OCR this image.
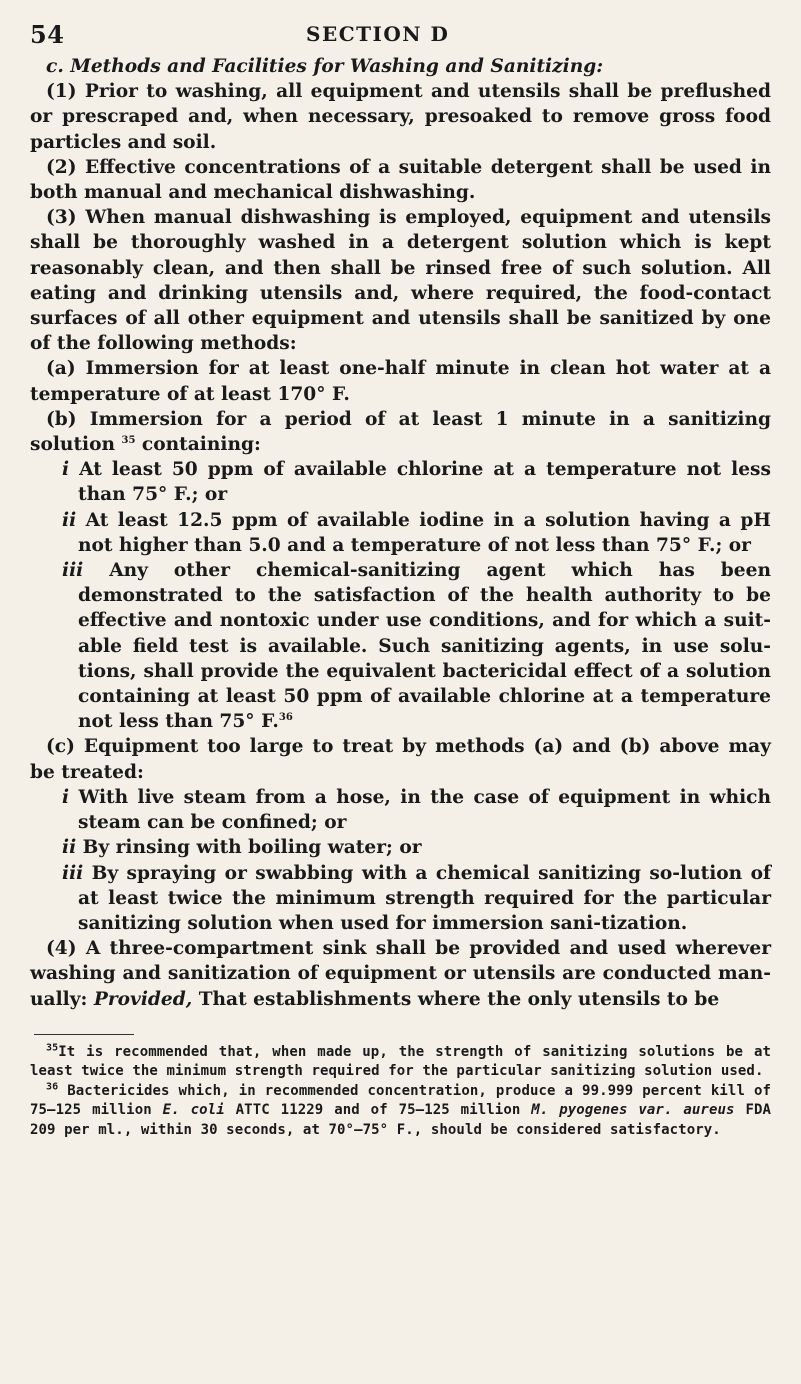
54	SECTION D

c. Methods and Facilities for Washing and Sanitizing:

(1) Prior to washing, all equipment and utensils shall be preflushed or prescraped and, when necessary, presoaked to remove gross food particles and soil.

(2) Effective concentrations of a suitable detergent shall be used in both manual and mechanical dishwashing.

(3) When manual dishwashing is employed, equipment and utensils shall be thoroughly washed in a detergent solution which is kept reasonably clean, and then shall be rinsed free of such solution. All eating and drinking utensils and, where required, the food-contact surfaces of all other equipment and utensils shall be sanitized by one of the following methods:

(a) Immersion for at least one-half minute in clean hot water at a temperature of at least 170° F.

(b) Immersion for a period of at least 1 minute in a sanitizing solution $^{35}$ containing:

i At least 50 ppm of available chlorine at a temperature not less than 75° F.; or

ii At least 12.5 ppm of available iodine in a solution having a pH not higher than 5.0 and a temperature of not less than 75° F.; or

iii Any other chemical-sanitizing agent which has been demonstrated to the satisfaction of the health authority to be effective and nontoxic under use conditions, and for which a suit-able field test is available. Such sanitizing agents, in use solu-tions, shall provide the equivalent bactericidal effect of a solution containing at least 50 ppm of available chlorine at a temperature not less than 75° F.$^{36}$

(c) Equipment too large to treat by methods (a) and (b) above may be treated:

i With live steam from a hose, in the case of equipment in which steam can be confined; or

ii By rinsing with boiling water; or

iii By spraying or swabbing with a chemical sanitizing so-lution of at least twice the minimum strength required for the particular sanitizing solution when used for immersion sani-tization.

(4) A three-compartment sink shall be provided and used wherever washing and sanitization of equipment or utensils are conducted man-ually: Provided, That establishments where the only utensils to be

$^{35}$It is recommended that, when made up, the strength of sanitizing solutions be at least twice the minimum strength required for the particular sanitizing solution used.

$^{36}$ Bactericides which, in recommended concentration, produce a 99.999 percent kill of 75–125 million E. coli ATTC 11229 and of 75–125 million M. pyogenes var. aureus FDA 209 per ml., within 30 seconds, at 70°–75° F., should be considered satisfactory.
